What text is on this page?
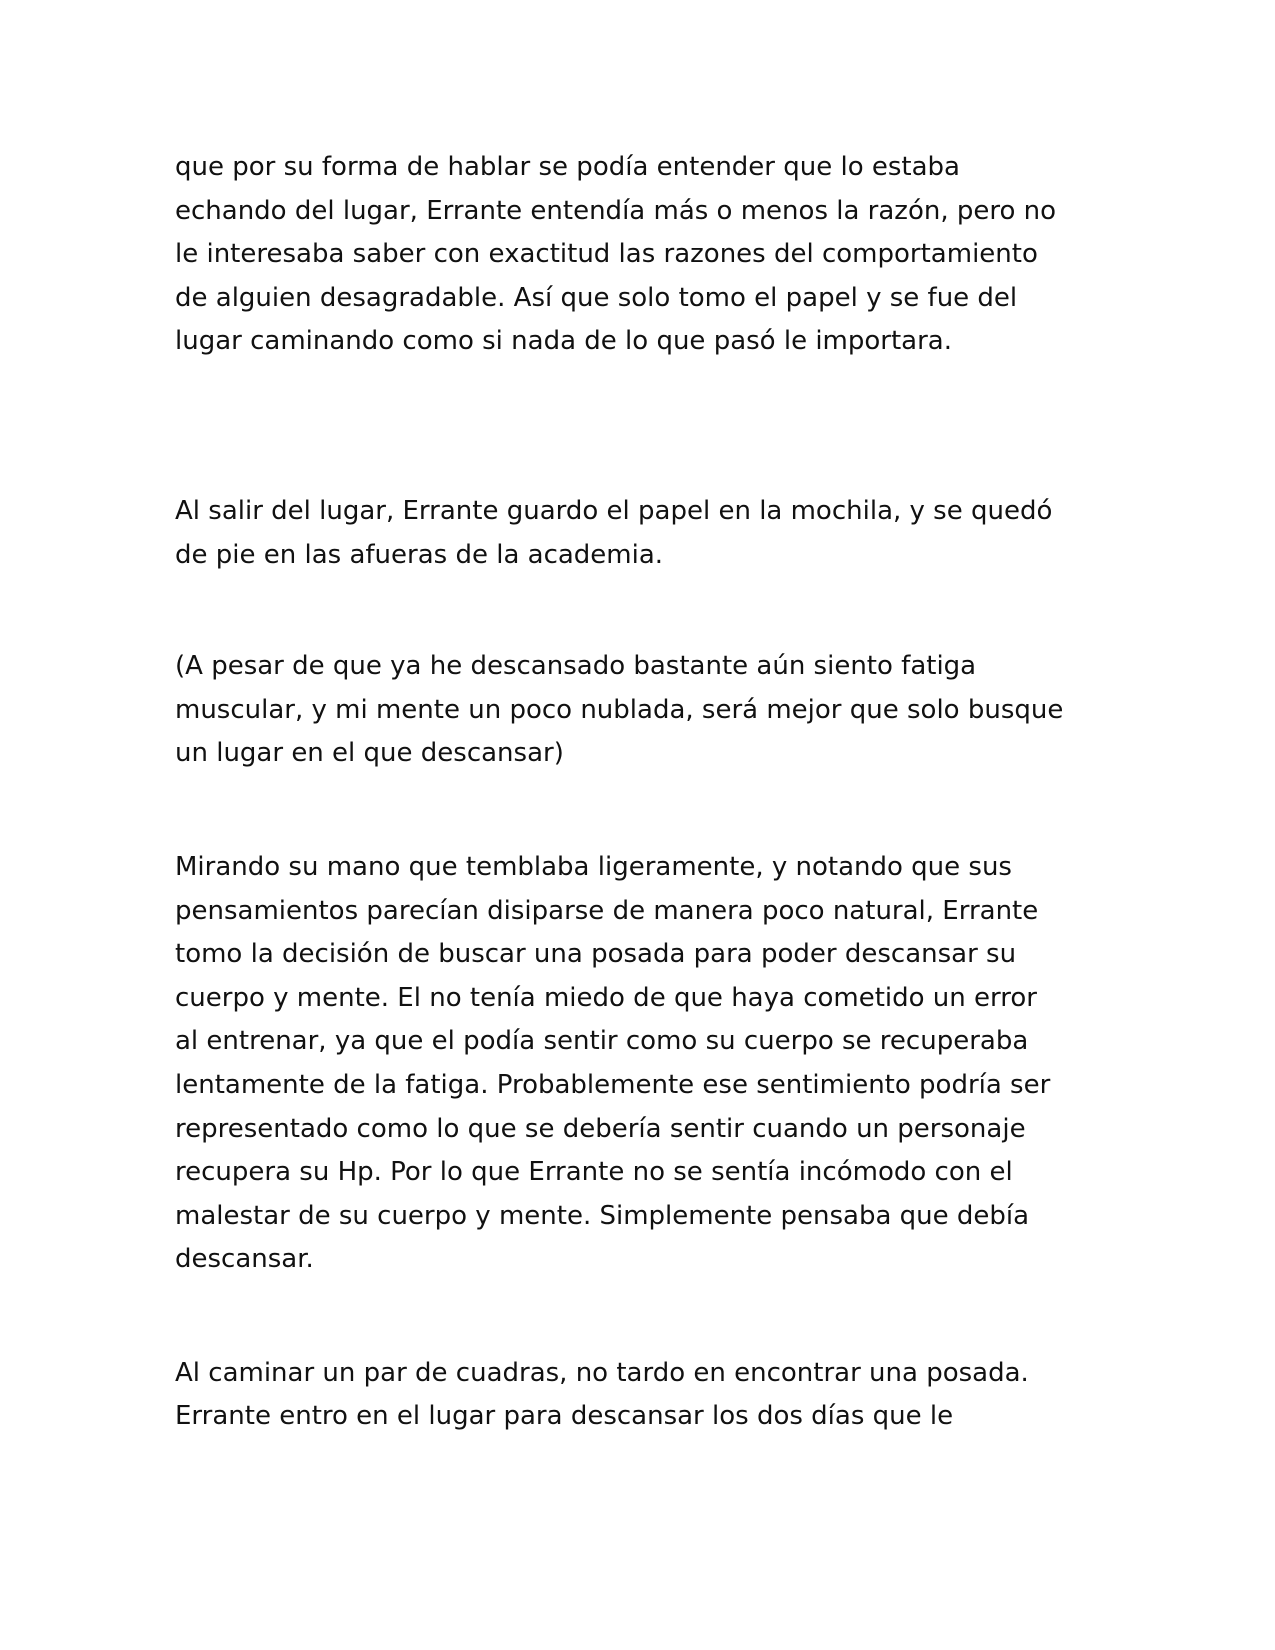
que por su forma de hablar se podía entender que lo estaba
echando del lugar, Errante entendía más o menos la razón, pero no
le interesaba saber con exactitud las razones del comportamiento
de alguien desagradable. Así que solo tomo el papel y se fue del
lugar caminando como si nada de lo que pasó le importara.

Al salir del lugar, Errante guardo el papel en la mochila, y se quedó
de pie en las afueras de la academia.

(A pesar de que ya he descansado bastante aún siento fatiga
muscular, y mi mente un poco nublada, será mejor que solo busque
un lugar en el que descansar)

Mirando su mano que temblaba ligeramente, y notando que sus
pensamientos parecían disiparse de manera poco natural, Errante
tomo la decisión de buscar una posada para poder descansar su
cuerpo y mente. El no tenía miedo de que haya cometido un error
al entrenar, ya que el podía sentir como su cuerpo se recuperaba
lentamente de la fatiga. Probablemente ese sentimiento podría ser
representado como lo que se debería sentir cuando un personaje
recupera su Hp. Por lo que Errante no se sentía incómodo con el
malestar de su cuerpo y mente. Simplemente pensaba que debía
descansar.

Al caminar un par de cuadras, no tardo en encontrar una posada.
Errante entro en el lugar para descansar los dos días que le
